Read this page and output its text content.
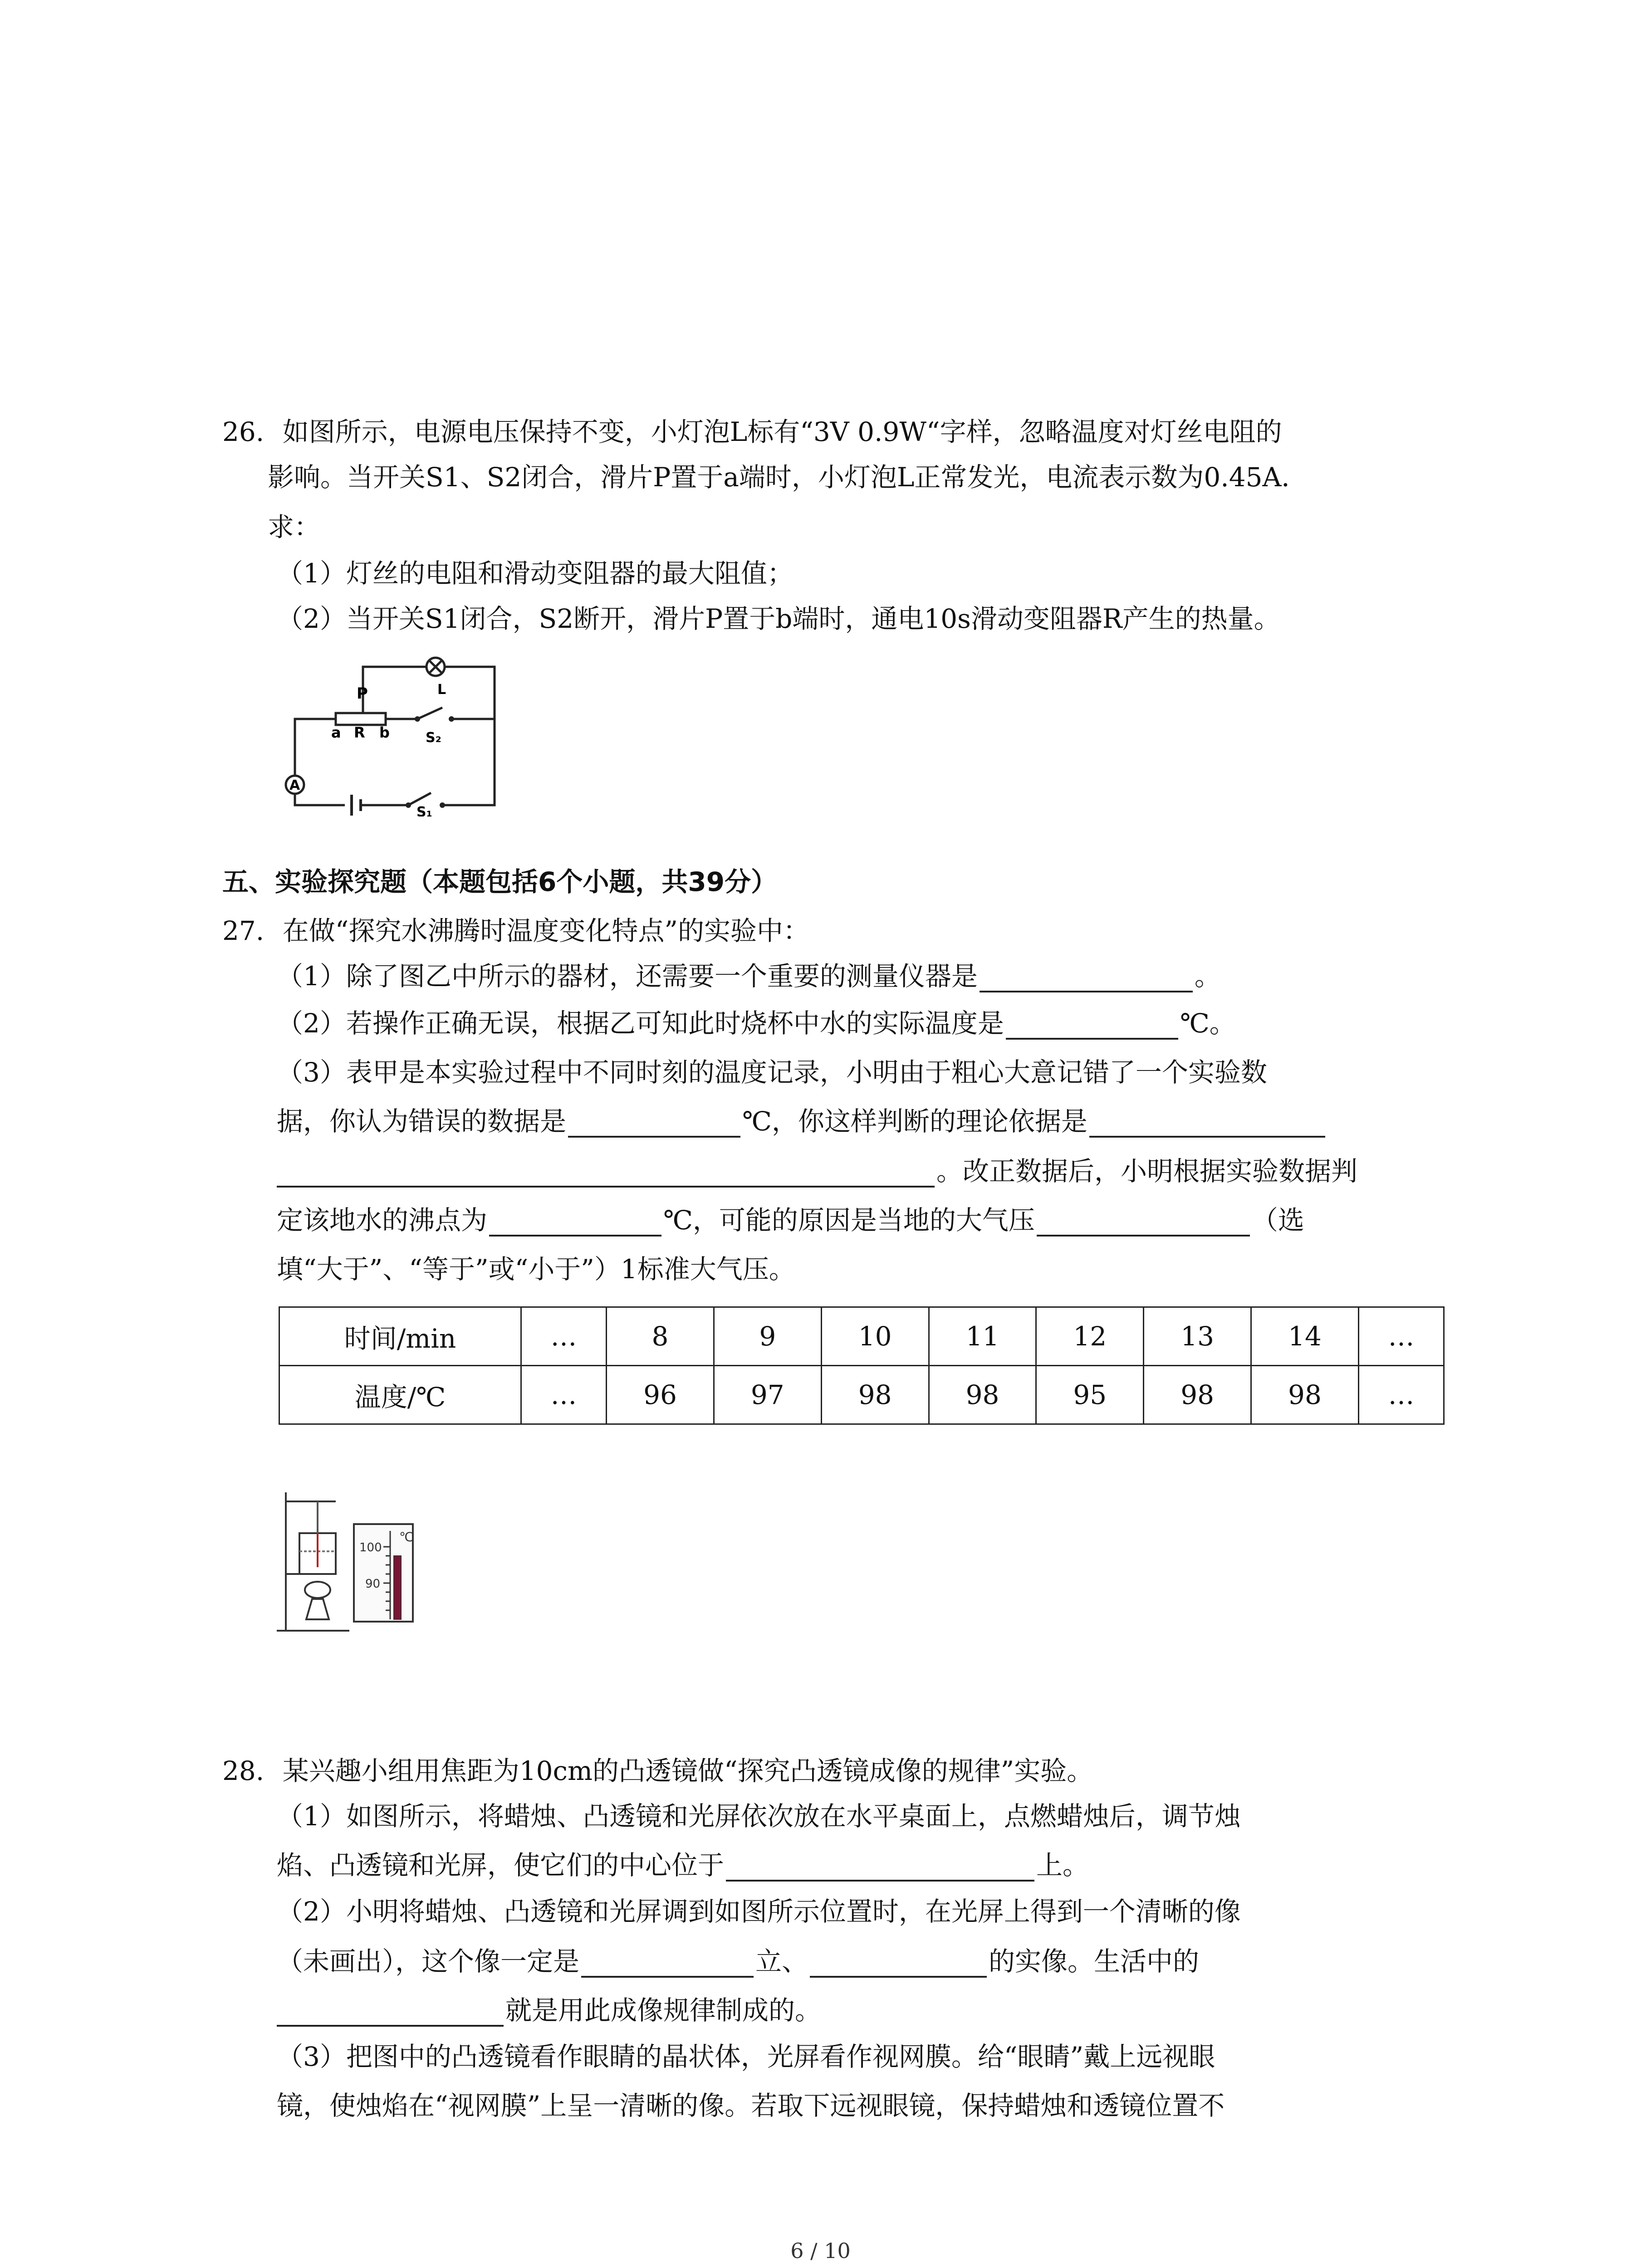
26. 如图所示，电源电压保持不变，小灯泡L标有“3V 0.9W“字样，忽略温度对灯丝电阻的
影响。当开关S1、S2闭合，滑片P置于a端时，小灯泡L正常发光，电流表示数为0.45A．
求：
（1）灯丝的电阻和滑动变阻器的最大阻值；
（2）当开关S1闭合，S2断开，滑片P置于b端时，通电10s滑动变阻器R产生的热量。
P
a R b
L
S₂
S₁
A
五、实验探究题（本题包括6个小题，共39分）
27. 在做“探究水沸腾时温度变化特点”的实验中：
（1）除了图乙中所示的器材，还需要一个重要的测量仪器是	。
（2）若操作正确无误，根据乙可知此时烧杯中水的实际温度是	℃。
（3）表甲是本实验过程中不同时刻的温度记录，小明由于粗心大意记错了一个实验数
据，你认为错误的数据是	℃，你这样判断的理论依据是
。改正数据后，小明根据实验数据判
定该地水的沸点为	℃，可能的原因是当地的大气压	（选
填“大于”、“等于”或“小于”）1标准大气压。
时间/min	…	8	9	10	11	12	13	14	…
温度/℃	…	96	97	98	98	95	98	98	…
100
90
℃
28. 某兴趣小组用焦距为10cm的凸透镜做“探究凸透镜成像的规律”实验。
（1）如图所示，将蜡烛、凸透镜和光屏依次放在水平桌面上，点燃蜡烛后，调节烛
焰、凸透镜和光屏，使它们的中心位于	上。
（2）小明将蜡烛、凸透镜和光屏调到如图所示位置时，在光屏上得到一个清晰的像
（未画出），这个像一定是	立、	的实像。生活中的
就是用此成像规律制成的。
（3）把图中的凸透镜看作眼睛的晶状体，光屏看作视网膜。给“眼睛”戴上远视眼
镜，使烛焰在“视网膜”上呈一清晰的像。若取下远视眼镜，保持蜡烛和透镜位置不
6 / 10
